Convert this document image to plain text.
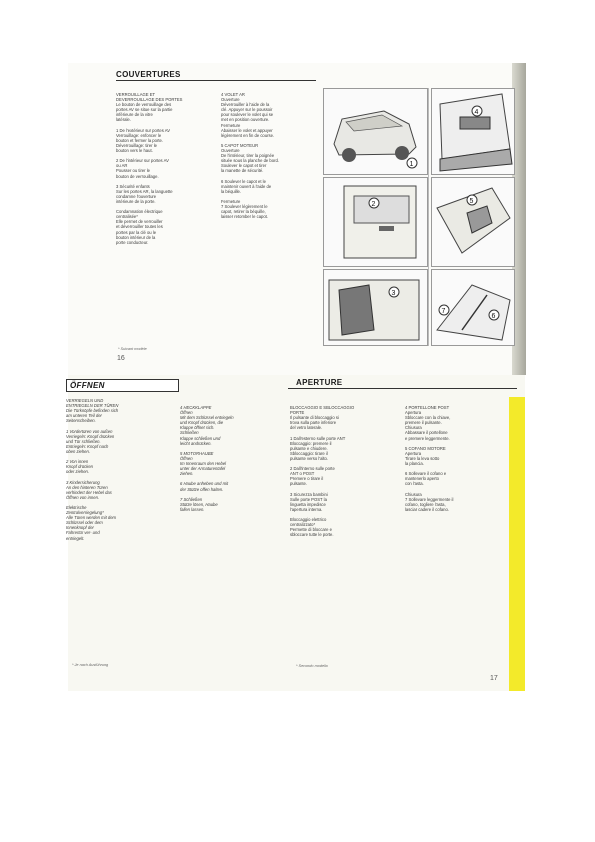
COUVERTURES
VERROUILLAGE ET
DEVERROUILLAGE DES PORTES
Le bouton de verrouillage des
portes AV se situe sur la partie
inférieure de la vitre
latérale.

1 De l'extérieur sur portes AV
Verrouillage: enfoncer le
bouton et fermer la porte.
Déverrouillage: tirer le
bouton vers le haut.

2 De l'intérieur sur portes AV
ou AR
Pousser ou tirer le
bouton de verrouillage.

3 Sécurité enfants
Sur les portes AR, la languette
condamne l'ouverture
intérieure de la porte.

Condamnation électrique
centralisée*
Elle permet de verrouiller
et déverrouiller toutes les
portes par la clé ou le
bouton intérieur de la
porte conducteur.
4 VOLET AR
Ouverture
Déverrouiller à l'aide de la
clé. Appuyer sur le poussoir
pour soulever le volet qui se
met en position ouverture.
Fermeture
Abaisser le volet et appuyer
légèrement en fin de course.

5 CAPOT MOTEUR
Ouverture
De l'intérieur, tirer la poignée
située sous la planche de bord.
Soulever le capot et tirer
la manette de sécurité.

6 Soulever le capot et le
maintenir ouvert à l'aide de
la béquille.

Fermeture
7 Soulever légèrement le
capot, retirer la béquille,
laisser retomber le capot.
* Suivant modèle
16
1
4
2	5
3
7
6
ÖFFNEN	APERTURE
VERRIEGELN UND
ENTRIEGELN DER TÜREN
Die Türknöpfe befinden sich
am unteren Teil der
Seitenscheiben.

1 Vordertüren von außen
Verriegeln: Knopf drücken
und Tür schließen.
Entriegeln: Knopf nach
oben ziehen.

2 Von innen
Knopf drücken
oder ziehen.

3 Kindersicherung
An den hinteren Türen
verhindert der Hebel das
Öffnen von innen.

Elektrische
Zentralverriegelung*
Alle Türen werden mit dem
Schlüssel oder dem
Innenknopf der
Fahrertür ver- und
entriegelt.
4 HECKKLAPPE
Öffnen
Mit dem Schlüssel entriegeln
und Knopf drücken, die
Klappe öffnet sich.
Schließen
Klappe schließen und
leicht andrücken.

5 MOTORHAUBE
Öffnen
Im Innenraum den Hebel
unter der Armaturentafel
ziehen.

6 Haube anheben und mit
der Stütze offen halten.

7 Schließen
Stütze lösen, Haube
fallen lassen.
BLOCCAGGIO E SBLOCCAGGIO
PORTE
Il pulsante di bloccaggio si
trova sulla parte inferiore
del vetro laterale.

1 Dall'esterno sulle porte ANT
Bloccaggio: premere il
pulsante e chiudere.
Sbloccaggio: tirare il
pulsante verso l'alto.

2 Dall'interno sulle porte
ANT o POST
Premere o tirare il
pulsante.

3 Sicurezza bambini
Sulle porte POST la
linguetta impedisce
l'apertura interna.

Bloccaggio elettrico
centralizzato*
Permette di bloccare e
sbloccare tutte le porte.
4 PORTELLONE POST
Apertura
Sbloccare con la chiave,
premere il pulsante.
Chiusura
Abbassare il portellone
e premere leggermente.

5 COFANO MOTORE
Apertura
Tirare la leva sotto
la plancia.

6 Sollevare il cofano e
mantenerlo aperto
con l'asta.

Chiusura
7 Sollevare leggermente il
cofano, togliere l'asta,
lasciar cadere il cofano.
* Je nach Ausführung	* Secondo modello
17
